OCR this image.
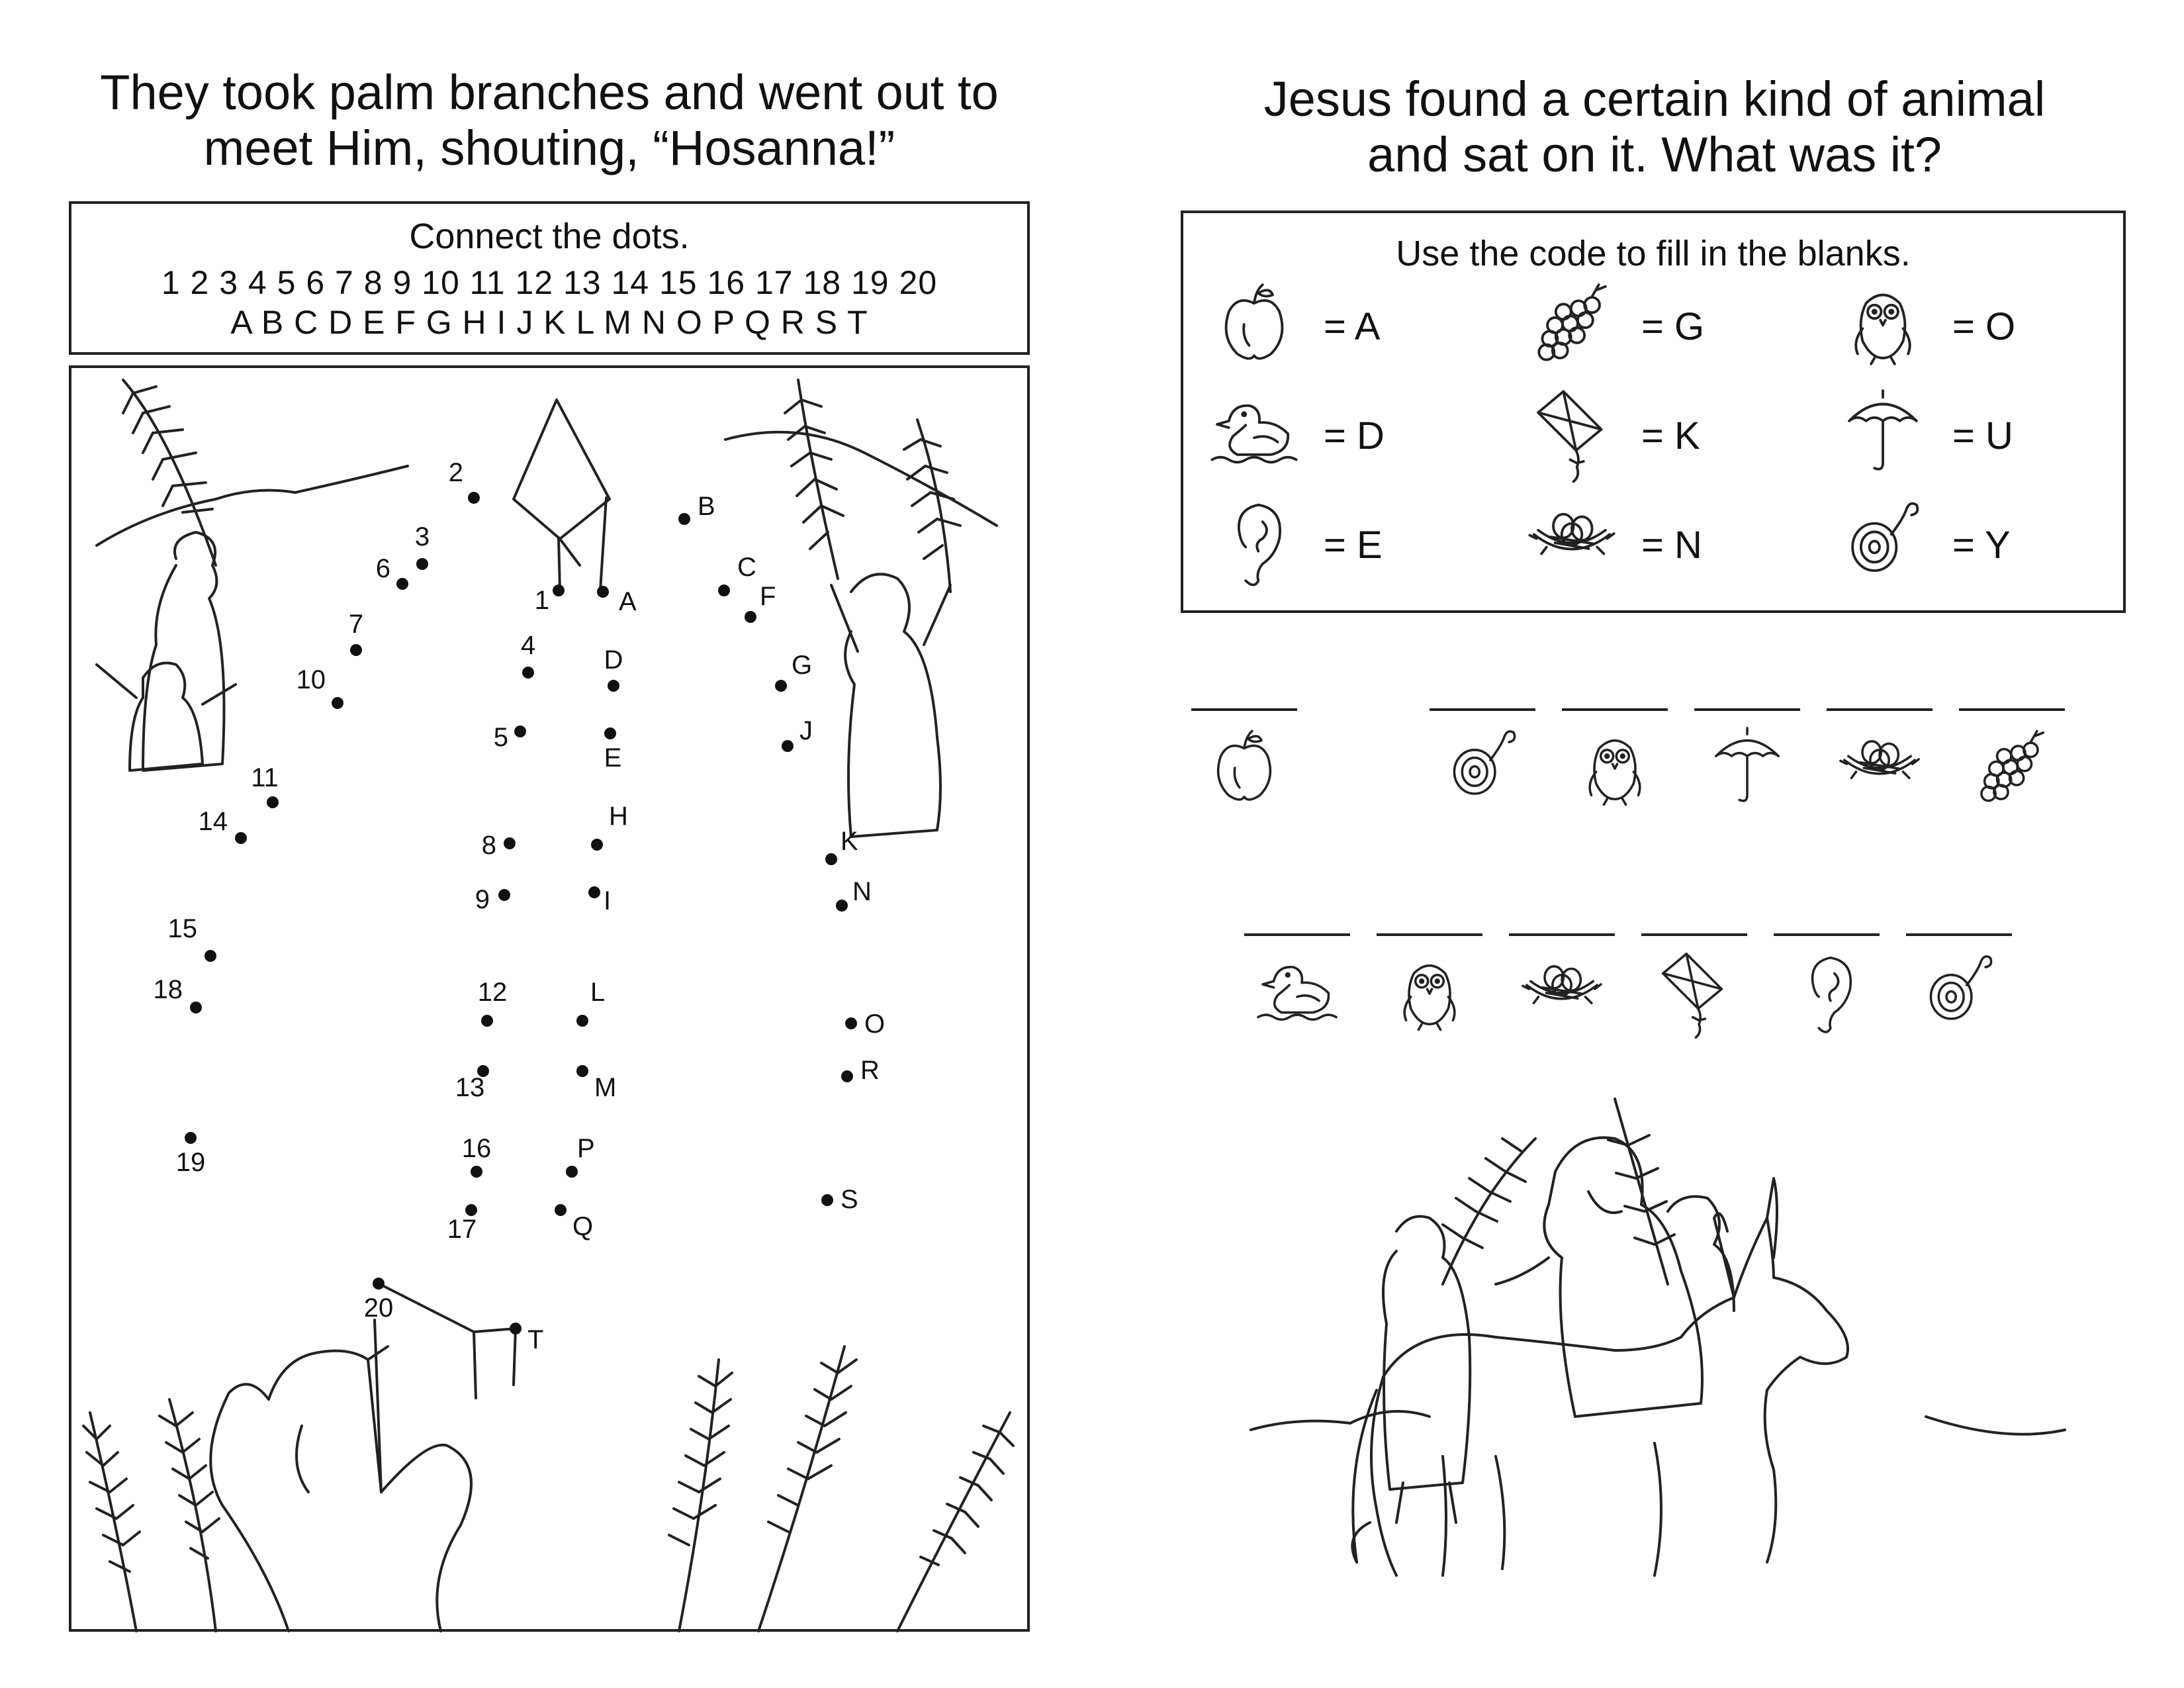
They took palm branches and went out to
meet Him, shouting, “Hosanna!”
Connect the dots.
1 2 3 4 5 6 7 8 9 10 11 12 13 14 15 16 17 18 19 20
A B C D E F G H I J K L M N O P Q R S T
2
3
6
1	A
B
C
F
7
4	D
10	G
5
E
J
11
14	H
8	K
9	I	N
15
18	12	L
O
13	M
R
19	16	P
17	Q
S
20
T
Jesus found a certain kind of animal
and sat on it. What was it?
Use the code to fill in the blanks.
= A	= G	= O
= D	= K	= U
= E	= N	= Y
